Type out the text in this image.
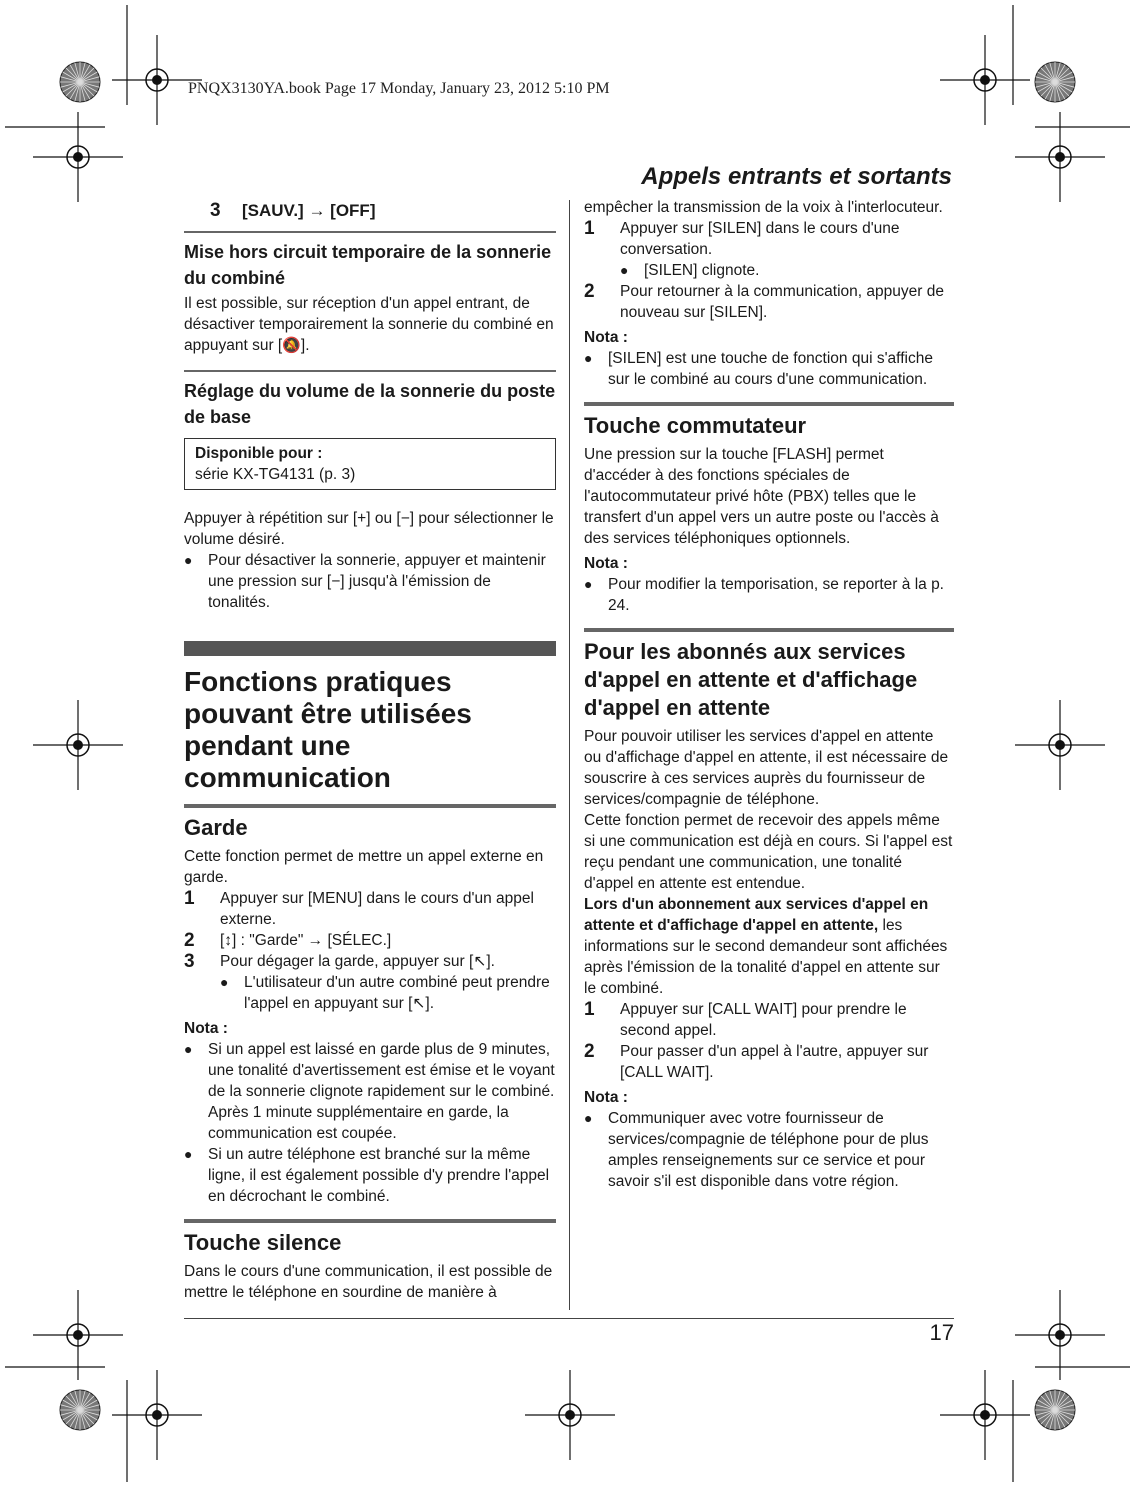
PNQX3130YA.book Page 17 Monday, January 23, 2012 5:10 PM
Appels entrants et sortants
3	[SAUV.] → [OFF]
Mise hors circuit temporaire de la sonnerie du combiné

Il est possible, sur réception d'un appel entrant, de désactiver temporairement la sonnerie du combiné en appuyant sur [🔕].

Réglage du volume de la sonnerie du poste de base
Disponible pour :
série KX-TG4131 (p. 3)

Appuyer à répétition sur [+] ou [−] pour sélectionner le volume désiré.

●	Pour désactiver la sonnerie, appuyer et maintenir une pression sur [−] jusqu'à l'émission de tonalités.
Fonctions pratiques pouvant être utilisées pendant une communication
Garde

Cette fonction permet de mettre un appel externe en garde.

1	Appuyer sur [MENU] dans le cours d'un appel externe.
2	[↕] : "Garde" → [SÉLEC.]
3	Pour dégager la garde, appuyer sur [↖].
●	L'utilisateur d'un autre combiné peut prendre l'appel en appuyant sur [↖].
Nota :
●	Si un appel est laissé en garde plus de 9 minutes, une tonalité d'avertissement est émise et le voyant de la sonnerie clignote rapidement sur le combiné. Après 1 minute supplémentaire en garde, la communication est coupée.
●	Si un autre téléphone est branché sur la même ligne, il est également possible d'y prendre l'appel en décrochant le combiné.
Touche silence

Dans le cours d'une communication, il est possible de mettre le téléphone en sourdine de manière à

empêcher la transmission de la voix à l'interlocuteur.

1	Appuyer sur [SILEN] dans le cours d'une conversation.
●	[SILEN] clignote.
2	Pour retourner à la communication, appuyer de nouveau sur [SILEN].
Nota :
●	[SILEN] est une touche de fonction qui s'affiche sur le combiné au cours d'une communication.
Touche commutateur

Une pression sur la touche [FLASH] permet d'accéder à des fonctions spéciales de l'autocommutateur privé hôte (PBX) telles que le transfert d'un appel vers un autre poste ou l'accès à des services téléphoniques optionnels.

Nota :
●	Pour modifier la temporisation, se reporter à la p. 24.
Pour les abonnés aux services d'appel en attente et d'affichage d'appel en attente

Pour pouvoir utiliser les services d'appel en attente ou d'affichage d'appel en attente, il est nécessaire de souscrire à ces services auprès du fournisseur de services/compagnie de téléphone.

Cette fonction permet de recevoir des appels même si une communication est déjà en cours. Si l'appel est reçu pendant une communication, une tonalité d'appel en attente est entendue.

Lors d'un abonnement aux services d'appel en attente et d'affichage d'appel en attente, les informations sur le second demandeur sont affichées après l'émission de la tonalité d'appel en attente sur le combiné.

1	Appuyer sur [CALL WAIT] pour prendre le second appel.
2	Pour passer d'un appel à l'autre, appuyer sur [CALL WAIT].
Nota :
●	Communiquer avec votre fournisseur de services/compagnie de téléphone pour de plus amples renseignements sur ce service et pour savoir s'il est disponible dans votre région.
17
